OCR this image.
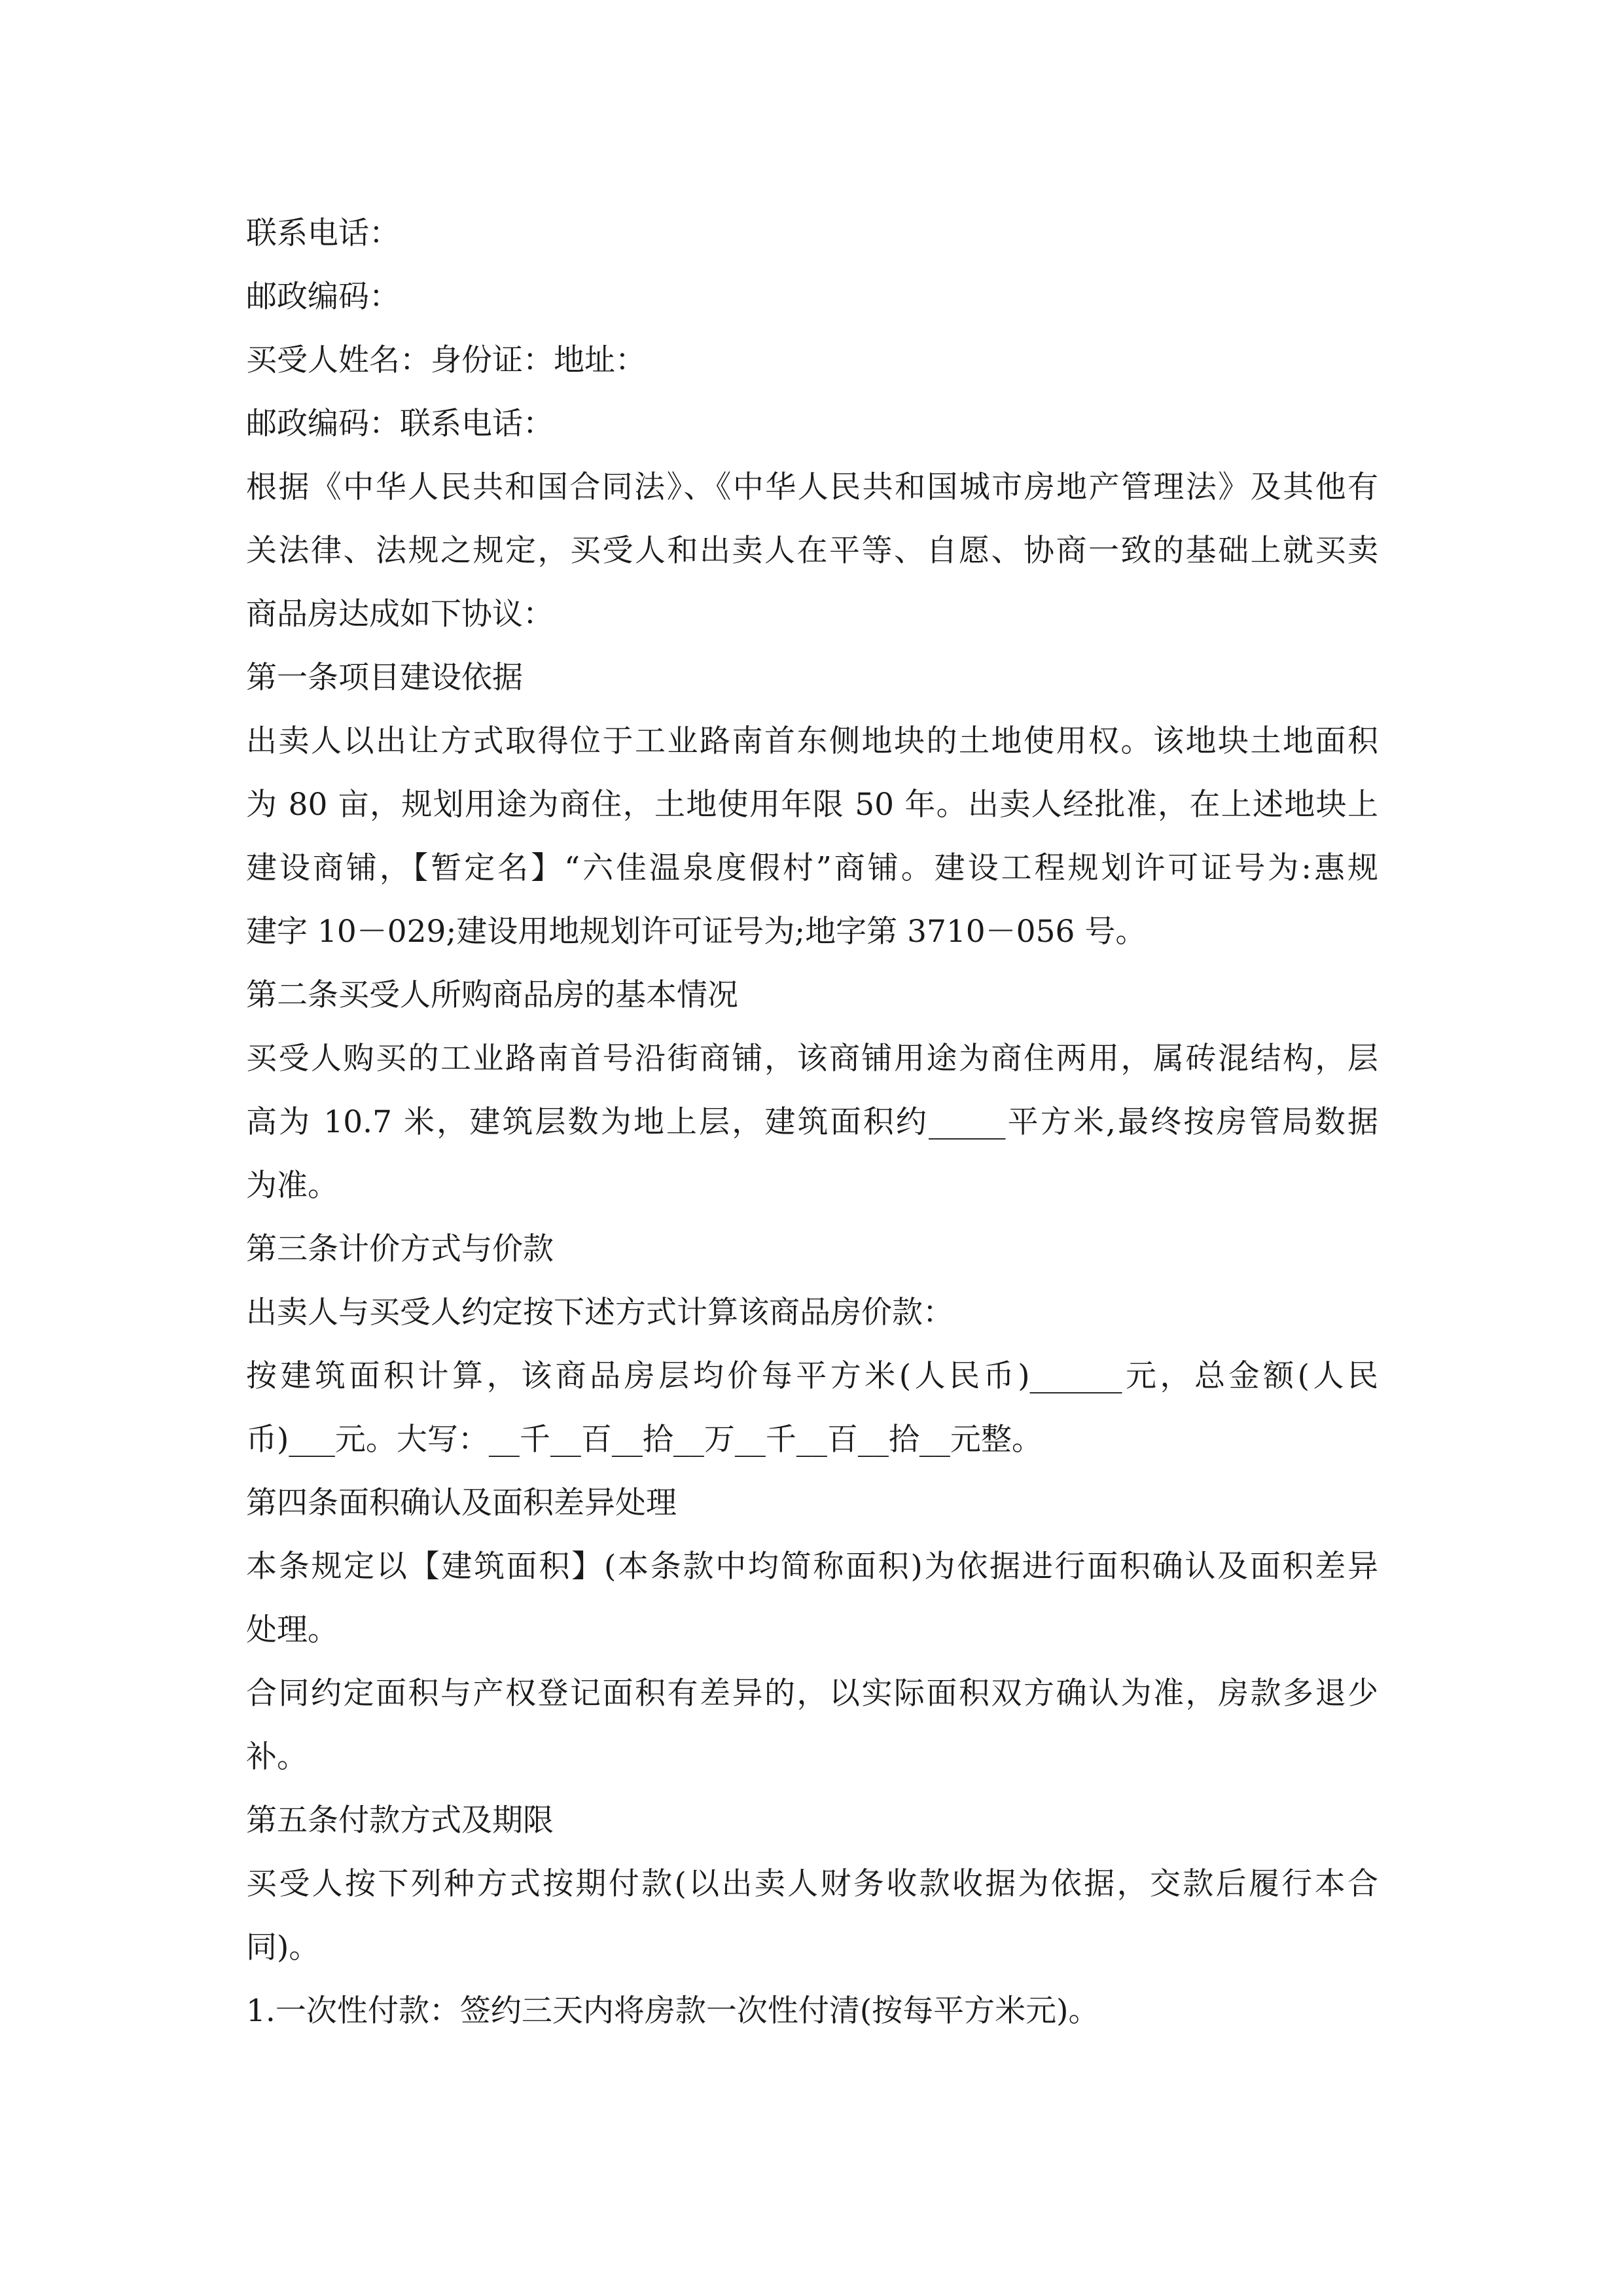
联系电话：
邮政编码：
买受人姓名：身份证：地址：
邮政编码：联系电话：
根据《中华人民共和国合同法》、《中华人民共和国城市房地产管理法》及其他有
关法律、法规之规定，买受人和出卖人在平等、自愿、协商一致的基础上就买卖
商品房达成如下协议：
第一条项目建设依据
出卖人以出让方式取得位于工业路南首东侧地块的土地使用权。该地块土地面积
为 80 亩，规划用途为商住，土地使用年限 50 年。出卖人经批准，在上述地块上
建设商铺，【暂定名】“六佳温泉度假村”商铺。建设工程规划许可证号为:惠规
建字 10－029;建设用地规划许可证号为;地字第 3710－056 号。
第二条买受人所购商品房的基本情况
买受人购买的工业路南首号沿街商铺，该商铺用途为商住两用，属砖混结构，层
高为 10.7 米，建筑层数为地上层，建筑面积约_____平方米,最终按房管局数据
为准。
第三条计价方式与价款
出卖人与买受人约定按下述方式计算该商品房价款：
按建筑面积计算，该商品房层均价每平方米(人民币)______元，总金额(人民
币)___元。大写：__千__百__拾__万__千__百__拾__元整。
第四条面积确认及面积差异处理
本条规定以【建筑面积】(本条款中均简称面积)为依据进行面积确认及面积差异
处理。
合同约定面积与产权登记面积有差异的，以实际面积双方确认为准，房款多退少
补。
第五条付款方式及期限
买受人按下列种方式按期付款(以出卖人财务收款收据为依据，交款后履行本合
同)。
1.一次性付款：签约三天内将房款一次性付清(按每平方米元)。
